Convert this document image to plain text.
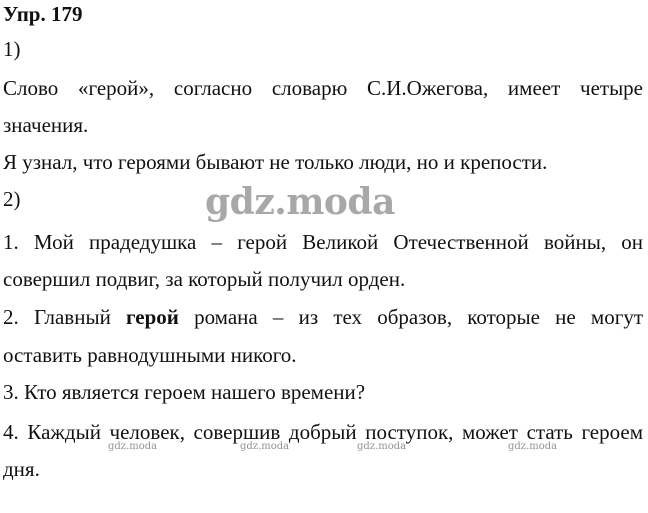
Упр. 179
1)
Слово «герой», согласно словарю С.И.Ожегова, имеет четыре
значения.
Я узнал, что героями бывают не только люди, но и крепости.
2)	gdz.moda
1. Мой прадедушка – герой Великой Отечественной войны, он
совершил подвиг, за который получил орден.
2. Главный герой романа – из тех образов, которые не могут
оставить равнодушными никого.
3. Кто является героем нашего времени?
4. Каждый человек, совершив добрый поступок, может стать героем
дня.
gdz.moda	gdz.moda	gdz.moda	gdz.moda
